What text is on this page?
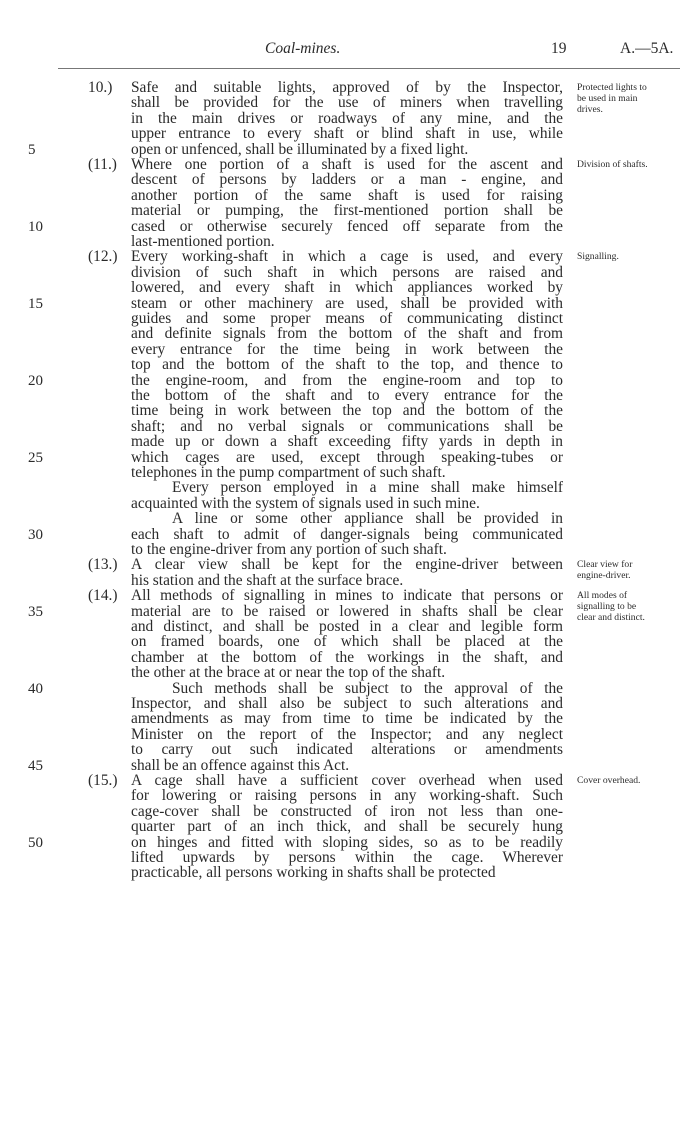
Coal-mines.	19	A.—5A.
10.) Safe and suitable lights, approved of by the Inspector,
shall be provided for the use of miners when travelling
in the main drives or roadways of any mine, and the
upper entrance to every shaft or blind shaft in use, while
5	open or unfenced, shall be illuminated by a fixed light.
Protected lights to
be used in main
drives.
(11.) Where one portion of a shaft is used for the ascent and
descent of persons by ladders or a man - engine, and
another portion of the same shaft is used for raising
material or pumping, the first-mentioned portion shall be
10	cased or otherwise securely fenced off separate from the
last-mentioned portion.
Division of shafts.
(12.) Every working-shaft in which a cage is used, and every
division of such shaft in which persons are raised and
lowered, and every shaft in which appliances worked by
15	steam or other machinery are used, shall be provided with
guides and some proper means of communicating distinct
and definite signals from the bottom of the shaft and from
every entrance for the time being in work between the
top and the bottom of the shaft to the top, and thence to
20	the engine-room, and from the engine-room and top to
the bottom of the shaft and to every entrance for the
time being in work between the top and the bottom of the
shaft; and no verbal signals or communications shall be
made up or down a shaft exceeding fifty yards in depth in
25	which cages are used, except through speaking-tubes or
telephones in the pump compartment of such shaft.
Every person employed in a mine shall make himself
acquainted with the system of signals used in such mine.
A line or some other appliance shall be provided in
30	each shaft to admit of danger-signals being communicated
to the engine-driver from any portion of such shaft.
Signalling.
(13.) A clear view shall be kept for the engine-driver between
his station and the shaft at the surface brace.
Clear view for
engine-driver.
(14.) All methods of signalling in mines to indicate that persons or
35	material are to be raised or lowered in shafts shall be clear
and distinct, and shall be posted in a clear and legible form
on framed boards, one of which shall be placed at the
chamber at the bottom of the workings in the shaft, and
the other at the brace at or near the top of the shaft.
40	Such methods shall be subject to the approval of the
Inspector, and shall also be subject to such alterations and
amendments as may from time to time be indicated by the
Minister on the report of the Inspector; and any neglect
to carry out such indicated alterations or amendments
45	shall be an offence against this Act.
All modes of
signalling to be
clear and distinct.
(15.) A cage shall have a sufficient cover overhead when used
for lowering or raising persons in any working-shaft. Such
cage-cover shall be constructed of iron not less than one-
quarter part of an inch thick, and shall be securely hung
50	on hinges and fitted with sloping sides, so as to be readily
lifted upwards by persons within the cage. Wherever
practicable, all persons working in shafts shall be protected
Cover overhead.
